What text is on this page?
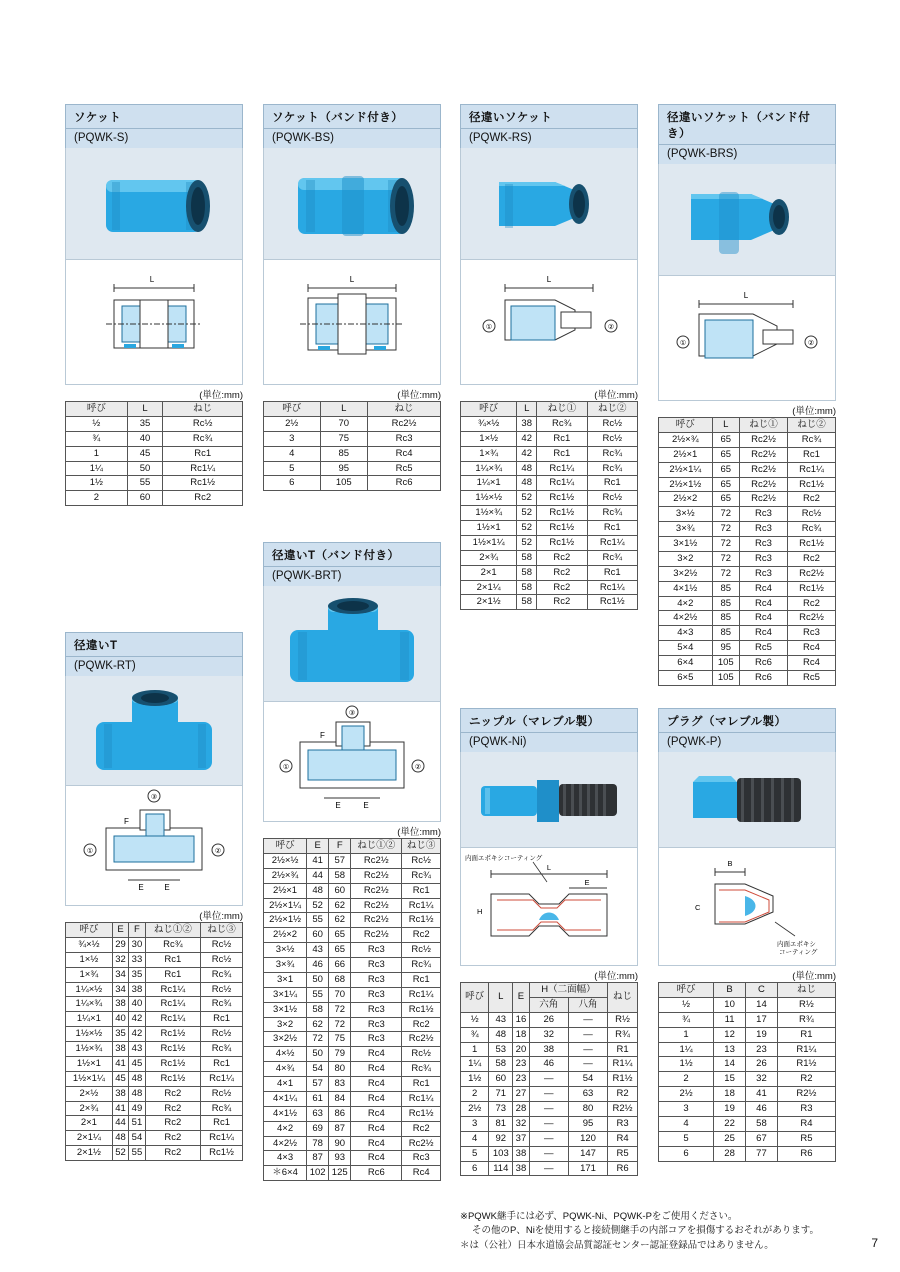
ソケット
(PQWK-S)
L
(単位:mm)
呼び	L	ねじ
½	35	Rc½
¾	40	Rc¾
1	45	Rc1
1¼	50	Rc1¼
1½	55	Rc1½
2	60	Rc2
ソケット（バンド付き）
(PQWK-BS)
L
(単位:mm)
呼び	L	ねじ
2½	70	Rc2½
3	75	Rc3
4	85	Rc4
5	95	Rc5
6	105	Rc6
径違いソケット
(PQWK-RS)
L
①	②
(単位:mm)
呼び	L	ねじ①	ねじ②
¾×½	38	Rc¾	Rc½
1×½	42	Rc1	Rc½
1×¾	42	Rc1	Rc¾
1¼×¾	48	Rc1¼	Rc¾
1¼×1	48	Rc1¼	Rc1
1½×½	52	Rc1½	Rc½
1½×¾	52	Rc1½	Rc¾
1½×1	52	Rc1½	Rc1
1½×1¼	52	Rc1½	Rc1¼
2×¾	58	Rc2	Rc¾
2×1	58	Rc2	Rc1
2×1¼	58	Rc2	Rc1¼
2×1½	58	Rc2	Rc1½
径違いソケット（バンド付き）
(PQWK-BRS)
L
①	②
(単位:mm)
呼び	L	ねじ①	ねじ②
2½×¾	65	Rc2½	Rc¾
2½×1	65	Rc2½	Rc1
2½×1¼	65	Rc2½	Rc1¼
2½×1½	65	Rc2½	Rc1½
2½×2	65	Rc2½	Rc2
3×½	72	Rc3	Rc½
3×¾	72	Rc3	Rc¾
3×1½	72	Rc3	Rc1½
3×2	72	Rc3	Rc2
3×2½	72	Rc3	Rc2½
4×1½	85	Rc4	Rc1½
4×2	85	Rc4	Rc2
4×2½	85	Rc4	Rc2½
4×3	85	Rc4	Rc3
5×4	95	Rc5	Rc4
6×4	105	Rc6	Rc4
6×5	105	Rc6	Rc5
径違いT（バンド付き）
(PQWK-BRT)
③
①	②
F
E	E
(単位:mm)
呼び	E	F	ねじ①②	ねじ③
2½×½	41	57	Rc2½	Rc½
2½×¾	44	58	Rc2½	Rc¾
2½×1	48	60	Rc2½	Rc1
2½×1¼	52	62	Rc2½	Rc1¼
2½×1½	55	62	Rc2½	Rc1½
2½×2	60	65	Rc2½	Rc2
3×½	43	65	Rc3	Rc½
3×¾	46	66	Rc3	Rc¾
3×1	50	68	Rc3	Rc1
3×1¼	55	70	Rc3	Rc1¼
3×1½	58	72	Rc3	Rc1½
3×2	62	72	Rc3	Rc2
3×2½	72	75	Rc3	Rc2½
4×½	50	79	Rc4	Rc½
4×¾	54	80	Rc4	Rc¾
4×1	57	83	Rc4	Rc1
4×1¼	61	84	Rc4	Rc1¼
4×1½	63	86	Rc4	Rc1½
4×2	69	87	Rc4	Rc2
4×2½	78	90	Rc4	Rc2½
4×3	87	93	Rc4	Rc3
＊6×4	102	125	Rc6	Rc4
径違いT
(PQWK-RT)
③
①	②
F
E	E
(単位:mm)
呼び	E	F	ねじ①②	ねじ③
¾×½	29	30	Rc¾	Rc½
1×½	32	33	Rc1	Rc½
1×¾	34	35	Rc1	Rc¾
1¼×½	34	38	Rc1¼	Rc½
1¼×¾	38	40	Rc1¼	Rc¾
1¼×1	40	42	Rc1¼	Rc1
1½×½	35	42	Rc1½	Rc½
1½×¾	38	43	Rc1½	Rc¾
1½×1	41	45	Rc1½	Rc1
1½×1¼	45	48	Rc1½	Rc1¼
2×½	38	48	Rc2	Rc½
2×¾	41	49	Rc2	Rc¾
2×1	44	51	Rc2	Rc1
2×1¼	48	54	Rc2	Rc1¼
2×1½	52	55	Rc2	Rc1½
ニップル（マレブル製）
(PQWK-Ni)
内面エポキシコーティング
L
E
H
(単位:mm)
呼び	L	E	H（二面幅）		ねじ
			六角	八角	
½	43	16	26	—	R½
¾	48	18	32	—	R¾
1	53	20	38	—	R1
1¼	58	23	46	—	R1¼
1½	60	23	—	54	R1½
2	71	27	—	63	R2
2½	73	28	—	80	R2½
3	81	32	—	95	R3
4	92	37	—	120	R4
5	103	38	—	147	R5
6	114	38	—	171	R6
プラグ（マレブル製）
(PQWK-P)
B
C
内面エポキシ
コーティング
(単位:mm)
呼び	B	C	ねじ
½	10	14	R½
¾	11	17	R¾
1	12	19	R1
1¼	13	23	R1¼
1½	14	26	R1½
2	15	32	R2
2½	18	41	R2½
3	19	46	R3
4	22	58	R4
5	25	67	R5
6	28	77	R6
※PQWK継手には必ず、PQWK-Ni、PQWK-Pをご使用ください。
その他のP、Niを使用すると接続側継手の内部コアを損傷するおそれがあります。
＊は（公社）日本水道協会品質認証センター認証登録品ではありません。	7
